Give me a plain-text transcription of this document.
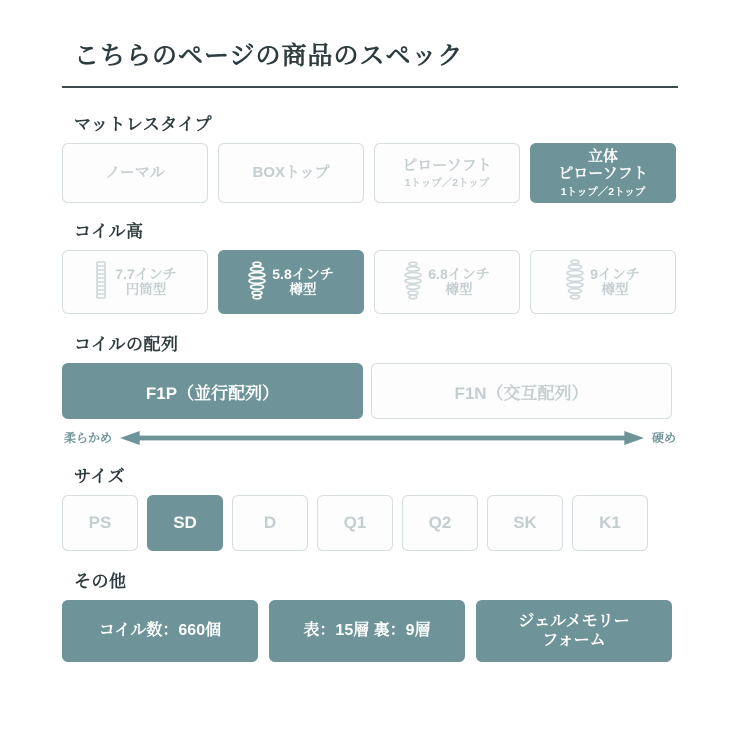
こちらのページの商品のスペック
マットレスタイプ
ノーマル	BOXトップ	ピローソフト
1トップ／2トップ
立体
ピローソフト
1トップ／2トップ
コイル高
7.7インチ
円筒型
5.8インチ
樽型
6.8インチ
樽型
9インチ
樽型
コイルの配列
F1P（並行配列）	F1N（交互配列）
柔らかめ	硬め
サイズ
PS	SD	D	Q1	Q2	SK	K1
その他
コイル数：660個	表：15層 裏：9層
ジェルメモリー
フォーム
